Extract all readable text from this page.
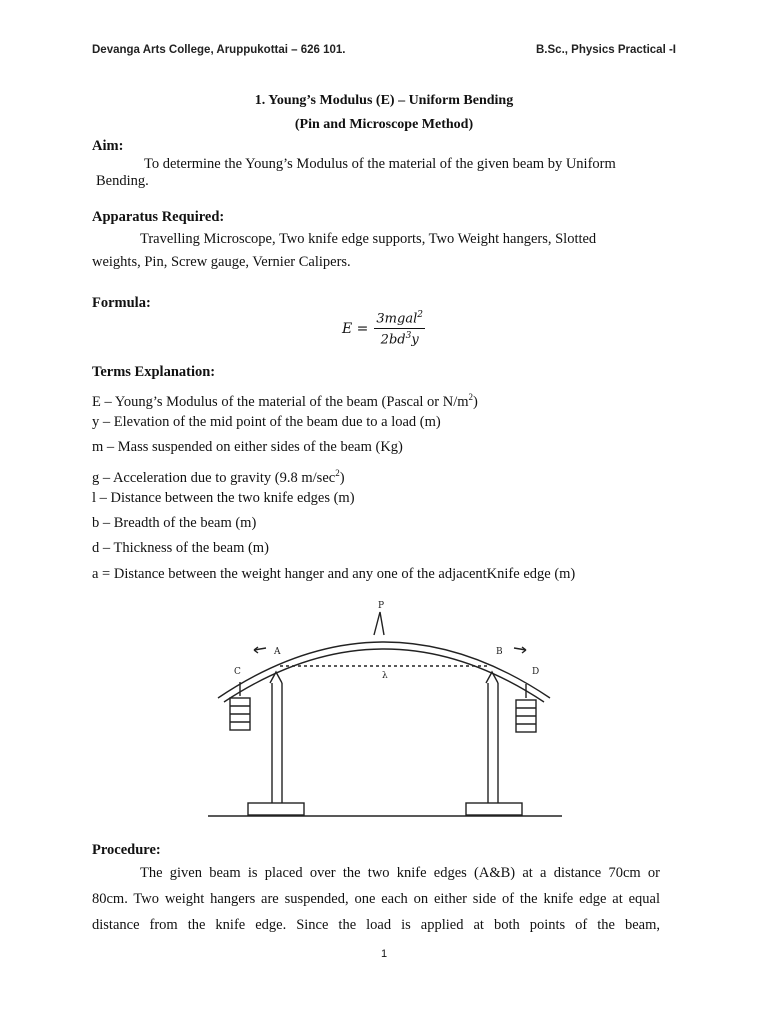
Devanga Arts College, Aruppukottai – 626 101.	B.Sc., Physics Practical -I
1. Young’s Modulus (E) – Uniform Bending
(Pin and Microscope Method)
Aim:
To determine the Young’s Modulus of the material of the given beam by Uniform
Bending.
Apparatus Required:
Travelling Microscope, Two knife edge supports, Two Weight hangers, Slotted
weights, Pin, Screw gauge, Vernier Calipers.
Formula:
$E = \frac{3mgal^2}{2bd^3y}$
Terms Explanation:
E – Young’s Modulus of the material of the beam (Pascal or $N/m^2$)
y – Elevation of the mid point of the beam due to a load (m)
m – Mass suspended on either sides of the beam (Kg)
g – Acceleration due to gravity (9.8 $m/\sec^2$)
l – Distance between the two knife edges (m)
b – Breadth of the beam (m)
d – Thickness of the beam (m)
a = Distance between the weight hanger and any one of the adjacentKnife edge (m)
P
A	B
C	D
λ
Procedure:
The given beam is placed over the two knife edges (A&B) at a distance 70cm or
80cm. Two weight hangers are suspended, one each on either side of the knife edge at equal
distance from the knife edge. Since the load is applied at both points of the beam,
1
